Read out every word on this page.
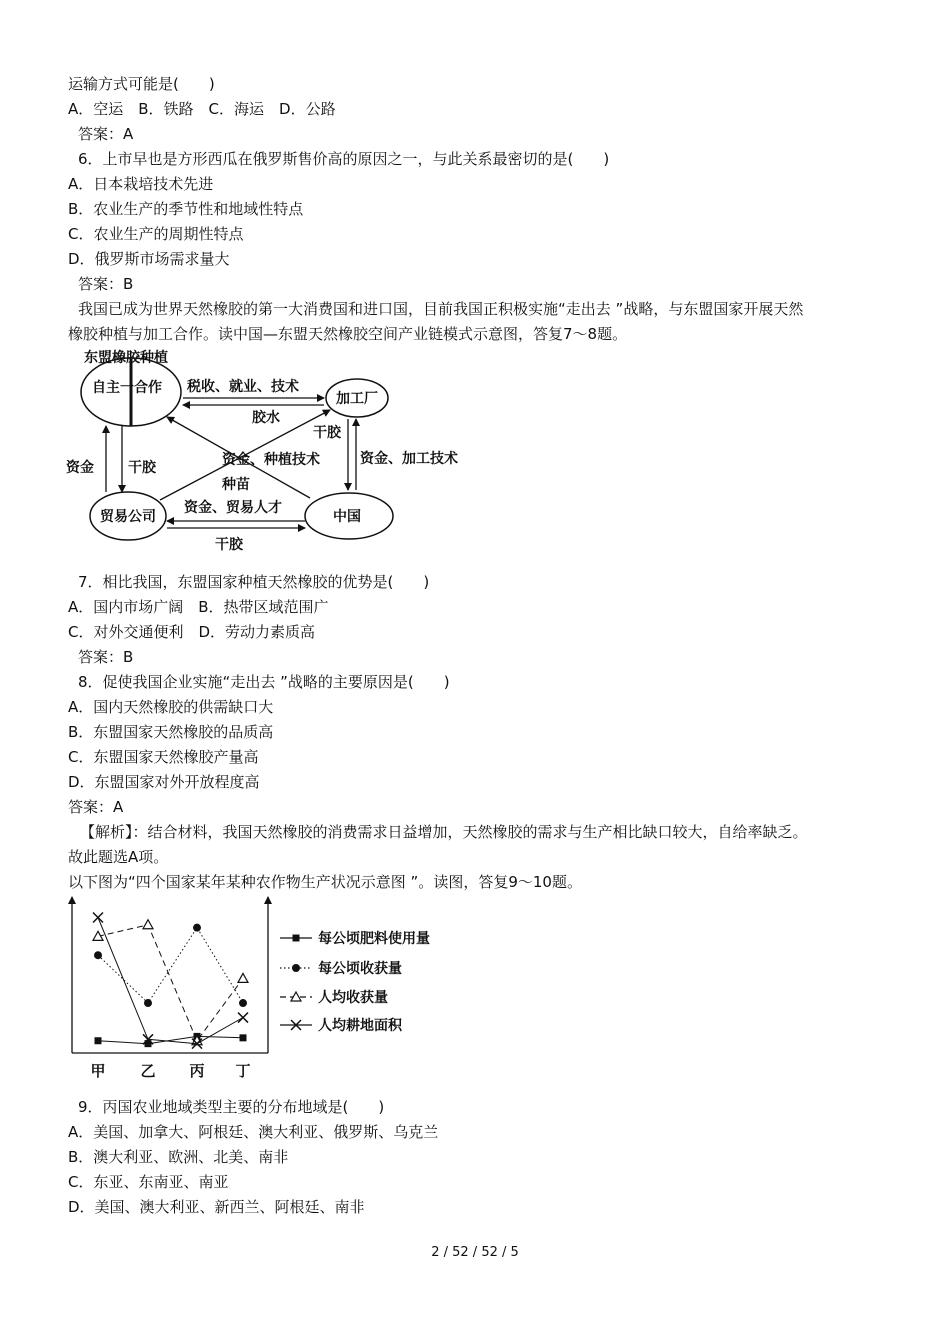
运输方式可能是(　　)
A．空运　B．铁路　C．海运　D．公路
答案：A
6．上市早也是方形西瓜在俄罗斯售价高的原因之一，与此关系最密切的是(　　)
A．日本栽培技术先进
B．农业生产的季节性和地域性特点
C．农业生产的周期性特点
D．俄罗斯市场需求量大
答案：B
我国已成为世界天然橡胶的第一大消费国和进口国，目前我国正积极实施“走出去 ”战略，与东盟国家开展天然
橡胶种植与加工合作。读中国—东盟天然橡胶空间产业链模式示意图，答复7～8题。
东盟橡胶种植
自主一合作
加工厂
贸易公司	中国
税收、就业、技术
胶水
干胶
资金、加工技术
资金 干胶	资金、种植技术
种苗
资金、贸易人才
干胶
7．相比我国，东盟国家种植天然橡胶的优势是(　　)
A．国内市场广阔　B．热带区域范围广
C．对外交通便利　D．劳动力素质高
答案：B
8．促使我国企业实施“走出去 ”战略的主要原因是(　　)
A．国内天然橡胶的供需缺口大
B．东盟国家天然橡胶的品质高
C．东盟国家天然橡胶产量高
D．东盟国家对外开放程度高
答案：A
【解析】：结合材料，我国天然橡胶的消费需求日益增加，天然橡胶的需求与生产相比缺口较大，自给率缺乏。
故此题选A项。
以下图为“四个国家某年某种农作物生产状况示意图 ”。读图，答复9～10题。
甲 乙 丙 丁
每公顷肥料使用量
每公顷收获量
人均收获量
人均耕地面积
9．丙国农业地域类型主要的分布地域是(　　)
A．美国、加拿大、阿根廷、澳大利亚、俄罗斯、乌克兰
B．澳大利亚、欧洲、北美、南非
C．东亚、东南亚、南亚
D．美国、澳大利亚、新西兰、阿根廷、南非
2 / 52 / 52 / 5
